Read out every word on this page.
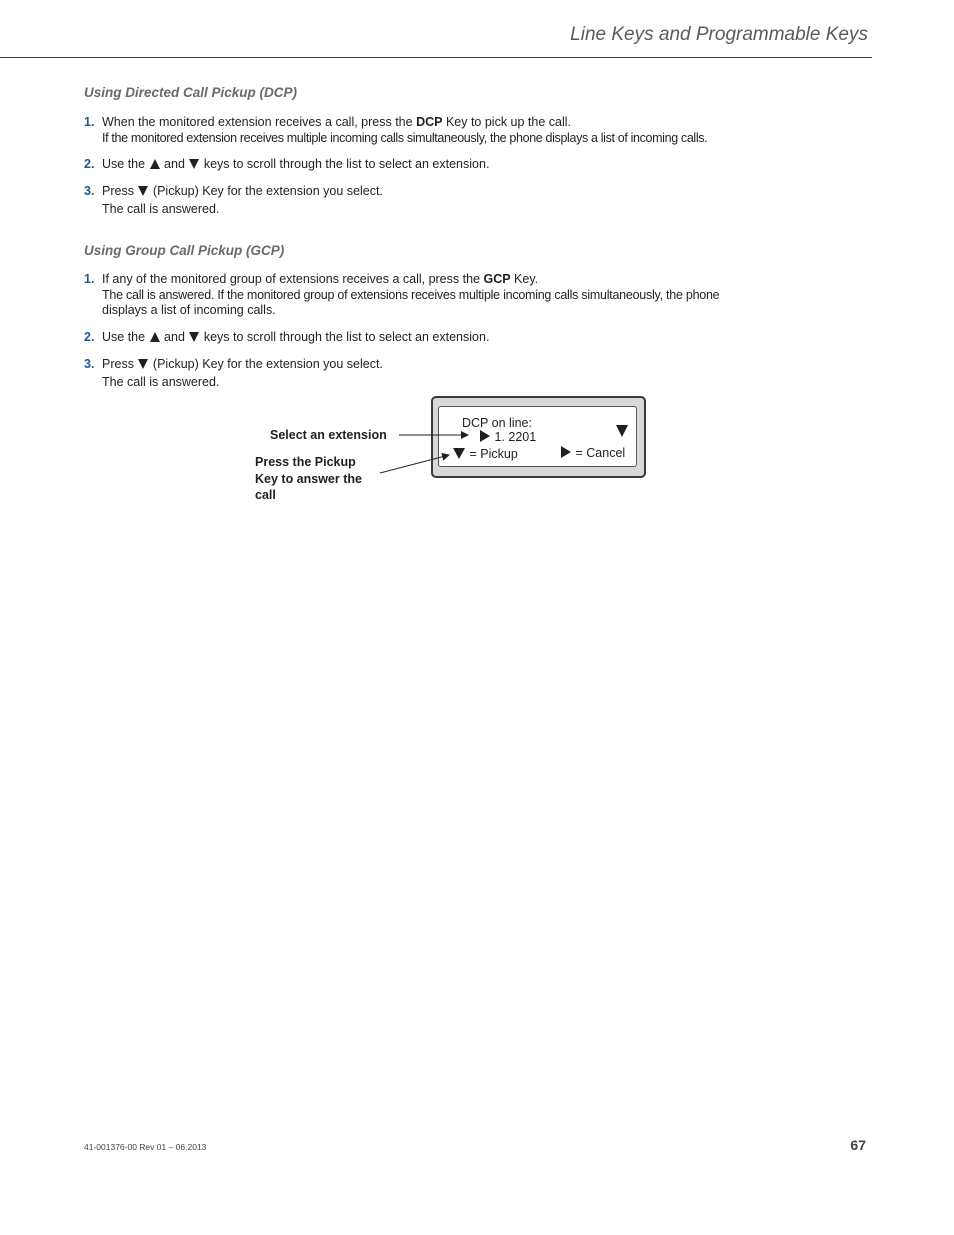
Line Keys and Programmable Keys
Using Directed Call Pickup (DCP)
1. When the monitored extension receives a call, press the DCP Key to pick up the call.
If the monitored extension receives multiple incoming calls simultaneously, the phone displays a list of incoming calls.
2. Use the  and  keys to scroll through the list to select an extension.
3. Press  (Pickup) Key for the extension you select.
The call is answered.
Using Group Call Pickup (GCP)
1. If any of the monitored group of extensions receives a call, press the GCP Key.
The call is answered. If the monitored group of extensions receives multiple incoming calls simultaneously, the phone
displays a list of incoming calls.
2. Use the  and  keys to scroll through the list to select an extension.
3. Press  (Pickup) Key for the extension you select.
The call is answered.
DCP on line:
1. 2201
= Pickup	= Cancel
Select an extension
Press the Pickup
Key to answer the
call
41-001376-00 Rev 01 – 06.2013	67
